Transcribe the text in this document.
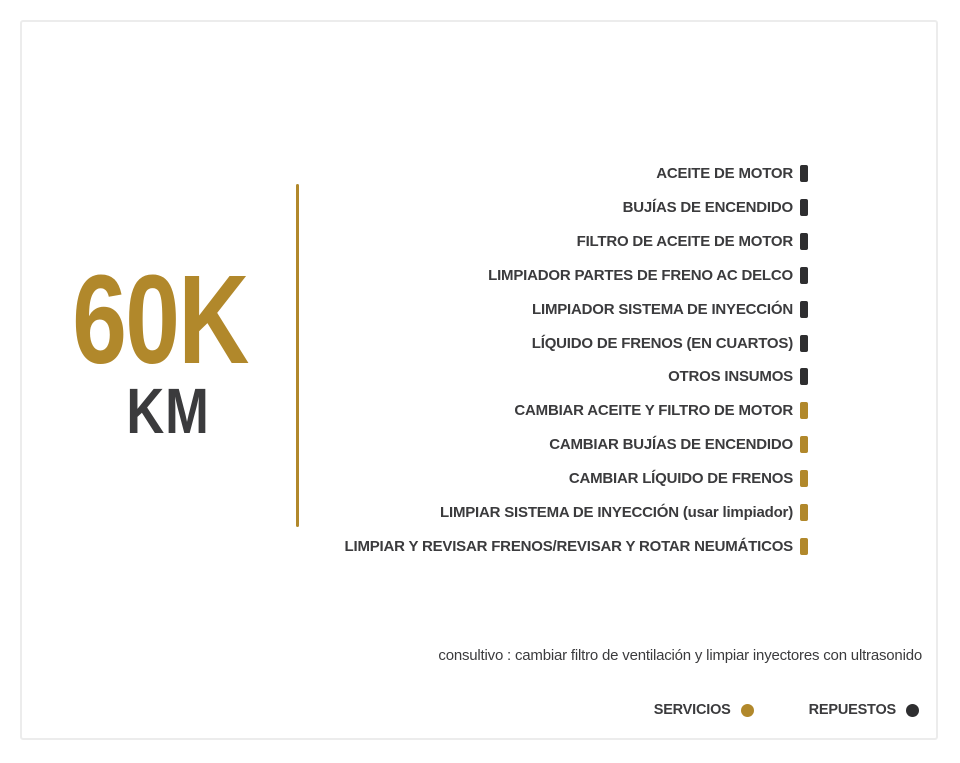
60K
KM
ACEITE DE MOTOR
BUJÍAS DE ENCENDIDO
FILTRO DE ACEITE DE MOTOR
LIMPIADOR PARTES DE FRENO AC DELCO
LIMPIADOR SISTEMA DE INYECCIÓN
LÍQUIDO DE FRENOS (EN CUARTOS)
OTROS INSUMOS
CAMBIAR ACEITE Y FILTRO DE MOTOR
CAMBIAR BUJÍAS DE ENCENDIDO
CAMBIAR LÍQUIDO DE FRENOS
LIMPIAR SISTEMA DE INYECCIÓN (usar limpiador)
LIMPIAR Y REVISAR FRENOS/REVISAR Y ROTAR NEUMÁTICOS
consultivo : cambiar filtro de ventilación y limpiar inyectores con ultrasonido
SERVICIOS	REPUESTOS
